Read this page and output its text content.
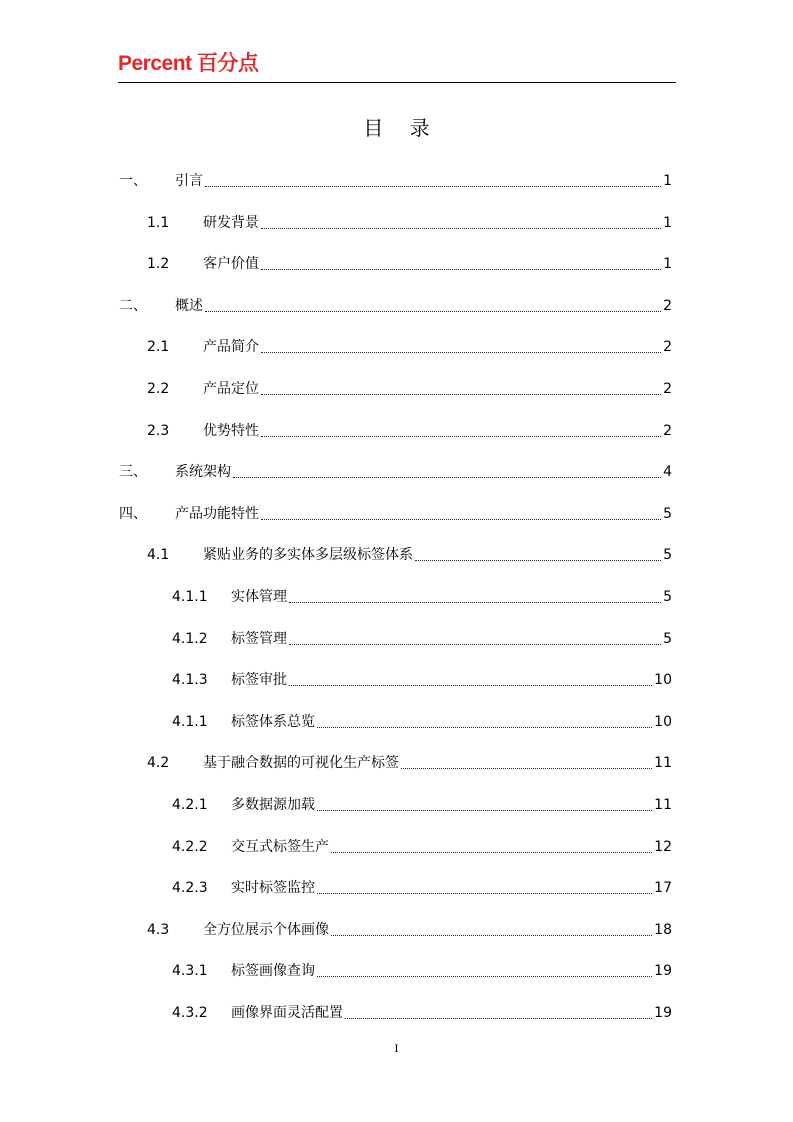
Percent 百分点
目 录
一、	引言	1
1.1	研发背景	1
1.2	客户价值	1
二、	概述	2
2.1	产品简介	2
2.2	产品定位	2
2.3	优势特性	2
三、	系统架构	4
四、	产品功能特性	5
4.1	紧贴业务的多实体多层级标签体系	5
4.1.1	实体管理	5
4.1.2	标签管理	5
4.1.3	标签审批	10
4.1.1	标签体系总览	10
4.2	基于融合数据的可视化生产标签	11
4.2.1	多数据源加载	11
4.2.2	交互式标签生产	12
4.2.3	实时标签监控	17
4.3	全方位展示个体画像	18
4.3.1	标签画像查询	19
4.3.2	画像界面灵活配置	19
I
